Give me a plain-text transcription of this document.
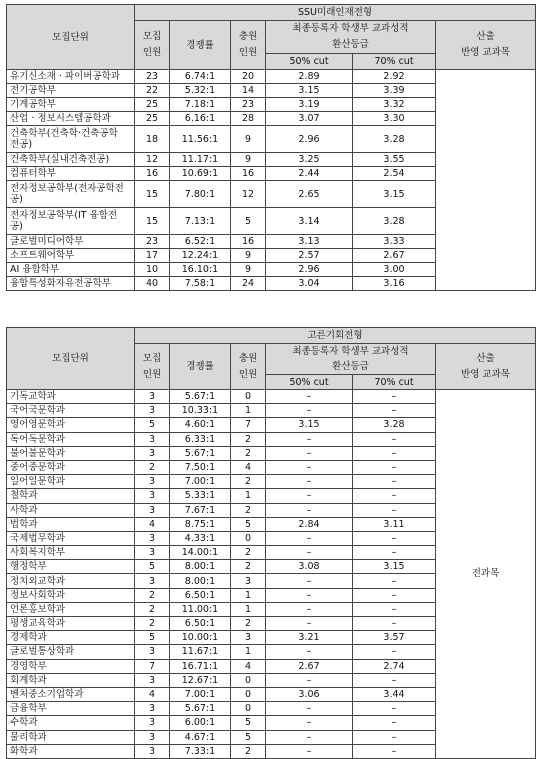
모집단위	SSU미래인재전형					
	모집
인원	경쟁률	충원
인원	최종등록자 학생부 교과성적
환산등급		산출
반영 교과목

				50% cut	70% cut	
유기신소재 · 파이버공학과	23	6.74:1	20	2.89	2.92	
전기공학부	22	5.32:1	14	3.15	3.39	
기계공학부	25	7.18:1	23	3.19	3.32	
산업 · 정보시스템공학과	25	6.16:1	28	3.07	3.30	
건축학부(건축학·건축공학
전공)	18	11.56:1	9	2.96	3.28	
건축학부(실내건축전공)	12	11.17:1	9	3.25	3.55	
컴퓨터학부	16	10.69:1	16	2.44	2.54	
전자정보공학부(전자공학전
공)	15	7.80:1	12	2.65	3.15	
전자정보공학부(IT 융합전
공)	15	7.13:1	5	3.14	3.28	
글로벌미디어학부	23	6.52:1	16	3.13	3.33	
소프트웨어학부	17	12.24:1	9	2.57	2.67	
AI 융합학부	10	16.10:1	9	2.96	3.00	
융합특성화자유전공학부	40	7.58:1	24	3.04	3.16	
모집단위	고른기회전형					
	모집
인원	경쟁률	충원
인원	최종등록자 학생부 교과성적
환산등급		산출
반영 교과목

				50% cut	70% cut	
기독교학과	3	5.67:1	0	–	–	전과목
국어국문학과	3	10.33:1	1	–	–	
영어영문학과	5	4.60:1	7	3.15	3.28	
독어독문학과	3	6.33:1	2	–	–	
불어불문학과	3	5.67:1	2	–	–	
중어중문학과	2	7.50:1	4	–	–	
일어일문학과	3	7.00:1	2	–	–	
철학과	3	5.33:1	1	–	–	
사학과	3	7.67:1	2	–	–	
법학과	4	8.75:1	5	2.84	3.11	
국제법무학과	3	4.33:1	0	–	–	
사회복지학부	3	14.00:1	2	–	–	
행정학부	5	8.00:1	2	3.08	3.15	
정치외교학과	3	8.00:1	3	–	–	
정보사회학과	2	6.50:1	1	–	–	
언론홍보학과	2	11.00:1	1	–	–	
평생교육학과	2	6.50:1	2	–	–	
경제학과	5	10.00:1	3	3.21	3.57	
글로벌통상학과	3	11.67:1	1	–	–	
경영학부	7	16.71:1	4	2.67	2.74	
회계학과	3	12.67:1	0	–	–	
벤처중소기업학과	4	7.00:1	0	3.06	3.44	
금융학부	3	5.67:1	0	–	–	
수학과	3	6.00:1	5	–	–	
물리학과	3	4.67:1	5	–	–	
화학과	3	7.33:1	2	–	–	
